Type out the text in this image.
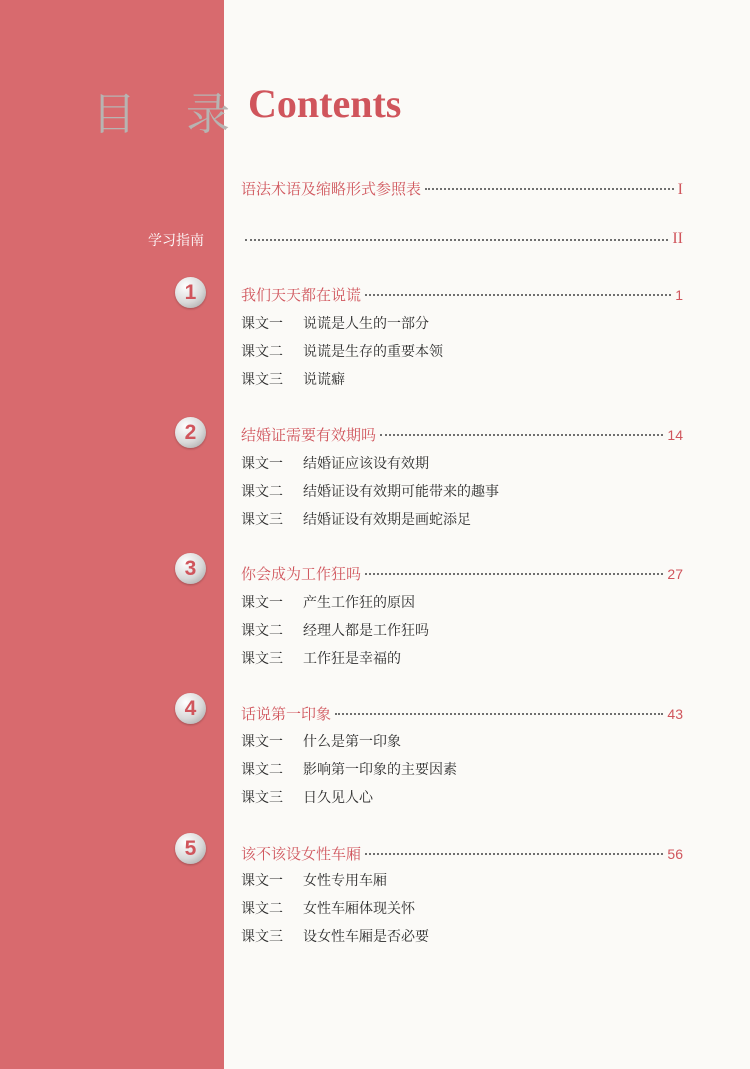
目 录 Contents
语法术语及缩略形式参照表	I
学习指南	II
1	我们天天都在说谎	1
课文一 说谎是人生的一部分
课文二 说谎是生存的重要本领
课文三 说谎癖
2	结婚证需要有效期吗	14
课文一 结婚证应该设有效期
课文二 结婚证设有效期可能带来的趣事
课文三 结婚证设有效期是画蛇添足
3	你会成为工作狂吗	27
课文一 产生工作狂的原因
课文二 经理人都是工作狂吗
课文三 工作狂是幸福的
4	话说第一印象	43
课文一 什么是第一印象
课文二 影响第一印象的主要因素
课文三 日久见人心
5	该不该设女性车厢	56
课文一 女性专用车厢
课文二 女性车厢体现关怀
课文三 设女性车厢是否必要
